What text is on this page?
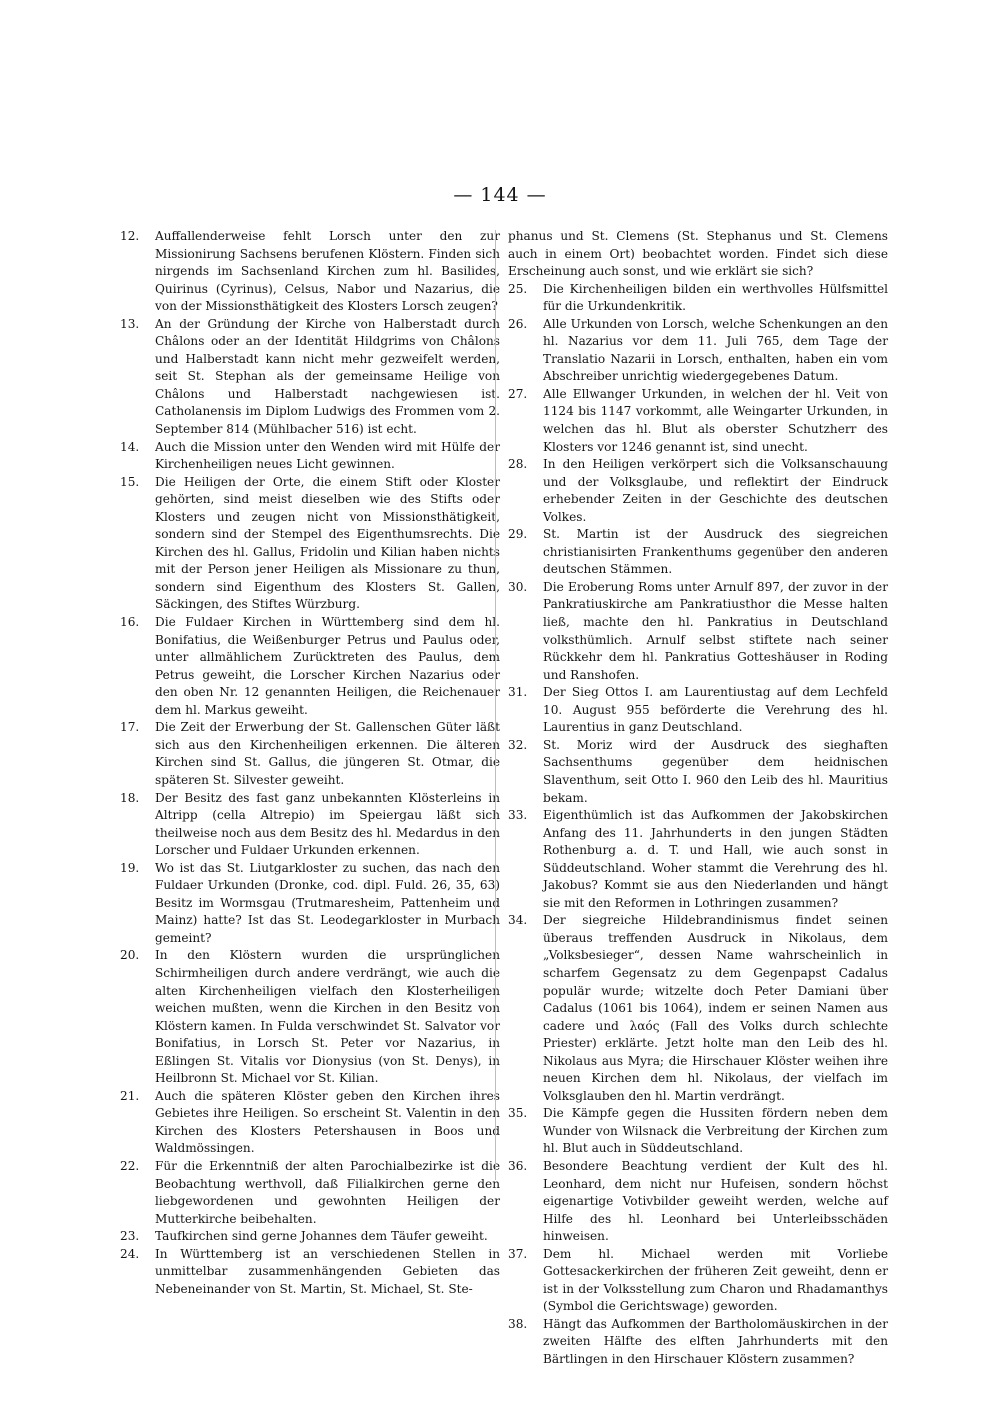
— 144 —
12. Auffallenderweise fehlt Lorsch unter den zur Missionirung Sachsens berufenen Klöstern. Finden sich nirgends im Sachsenland Kirchen zum hl. Basilides, Quirinus (Cyrinus), Celsus, Nabor und Nazarius, die von der Missionsthätigkeit des Klosters Lorsch zeugen?
13. An der Gründung der Kirche von Halberstadt durch Châlons oder an der Identität Hildgrims von Châlons und Halberstadt kann nicht mehr gezweifelt werden, seit St. Stephan als der gemeinsame Heilige von Châlons und Halberstadt nachgewiesen ist. Catholanensis im Diplom Ludwigs des Frommen vom 2. September 814 (Mühlbacher 516) ist echt.
14. Auch die Mission unter den Wenden wird mit Hülfe der Kirchenheiligen neues Licht gewinnen.
15. Die Heiligen der Orte, die einem Stift oder Kloster gehörten, sind meist dieselben wie des Stifts oder Klosters und zeugen nicht von Missionsthätigkeit, sondern sind der Stempel des Eigenthumsrechts. Die Kirchen des hl. Gallus, Fridolin und Kilian haben nichts mit der Person jener Heiligen als Missionare zu thun, sondern sind Eigenthum des Klosters St. Gallen, Säckingen, des Stiftes Würzburg.
16. Die Fuldaer Kirchen in Württemberg sind dem hl. Bonifatius, die Weißenburger Petrus und Paulus oder, unter allmählichem Zurücktreten des Paulus, dem Petrus geweiht, die Lorscher Kirchen Nazarius oder den oben Nr. 12 genannten Heiligen, die Reichenauer dem hl. Markus geweiht.
17. Die Zeit der Erwerbung der St. Gallenschen Güter läßt sich aus den Kirchenheiligen erkennen. Die älteren Kirchen sind St. Gallus, die jüngeren St. Otmar, die späteren St. Silvester geweiht.
18. Der Besitz des fast ganz unbekannten Klösterleins in Altripp (cella Altrepio) im Speiergau läßt sich theilweise noch aus dem Besitz des hl. Medardus in den Lorscher und Fuldaer Urkunden erkennen.
19. Wo ist das St. Liutgarkloster zu suchen, das nach den Fuldaer Urkunden (Dronke, cod. dipl. Fuld. 26, 35, 63) Besitz im Wormsgau (Trutmaresheim, Pattenheim und Mainz) hatte? Ist das St. Leodegarkloster in Murbach gemeint?
20. In den Klöstern wurden die ursprünglichen Schirmheiligen durch andere verdrängt, wie auch die alten Kirchenheiligen vielfach den Klosterheiligen weichen mußten, wenn die Kirchen in den Besitz von Klöstern kamen. In Fulda verschwindet St. Salvator vor Bonifatius, in Lorsch St. Peter vor Nazarius, in Eßlingen St. Vitalis vor Dionysius (von St. Denys), in Heilbronn St. Michael vor St. Kilian.
21. Auch die späteren Klöster geben den Kirchen ihres Gebietes ihre Heiligen. So erscheint St. Valentin in den Kirchen des Klosters Petershausen in Boos und Waldmössingen.
22. Für die Erkenntniß der alten Parochialbezirke ist die Beobachtung werthvoll, daß Filialkirchen gerne den liebgewordenen und gewohnten Heiligen der Mutterkirche beibehalten.
23. Taufkirchen sind gerne Johannes dem Täufer geweiht.
24. In Württemberg ist an verschiedenen Stellen in unmittelbar zusammenhängenden Gebieten das Nebeneinander von St. Martin, St. Michael, St. Ste-
phanus und St. Clemens (St. Stephanus und St. Clemens auch in einem Ort) beobachtet worden. Findet sich diese Erscheinung auch sonst, und wie erklärt sie sich?
25. Die Kirchenheiligen bilden ein werthvolles Hülfsmittel für die Urkundenkritik.
26. Alle Urkunden von Lorsch, welche Schenkungen an den hl. Nazarius vor dem 11. Juli 765, dem Tage der Translatio Nazarii in Lorsch, enthalten, haben ein vom Abschreiber unrichtig wiedergegebenes Datum.
27. Alle Ellwanger Urkunden, in welchen der hl. Veit von 1124 bis 1147 vorkommt, alle Weingarter Urkunden, in welchen das hl. Blut als oberster Schutzherr des Klosters vor 1246 genannt ist, sind unecht.
28. In den Heiligen verkörpert sich die Volksanschauung und der Volksglaube, und reflektirt der Eindruck erhebender Zeiten in der Geschichte des deutschen Volkes.
29. St. Martin ist der Ausdruck des siegreichen christianisirten Frankenthums gegenüber den anderen deutschen Stämmen.
30. Die Eroberung Roms unter Arnulf 897, der zuvor in der Pankratiuskirche am Pankratiusthor die Messe halten ließ, machte den hl. Pankratius in Deutschland volksthümlich. Arnulf selbst stiftete nach seiner Rückkehr dem hl. Pankratius Gotteshäuser in Roding und Ranshofen.
31. Der Sieg Ottos I. am Laurentiustag auf dem Lechfeld 10. August 955 beförderte die Verehrung des hl. Laurentius in ganz Deutschland.
32. St. Moriz wird der Ausdruck des sieghaften Sachsenthums gegenüber dem heidnischen Slaventhum, seit Otto I. 960 den Leib des hl. Mauritius bekam.
33. Eigenthümlich ist das Aufkommen der Jakobskirchen Anfang des 11. Jahrhunderts in den jungen Städten Rothenburg a. d. T. und Hall, wie auch sonst in Süddeutschland. Woher stammt die Verehrung des hl. Jakobus? Kommt sie aus den Niederlanden und hängt sie mit den Reformen in Lothringen zusammen?
34. Der siegreiche Hildebrandinismus findet seinen überaus treffenden Ausdruck in Nikolaus, dem „Volksbesieger“, dessen Name wahrscheinlich in scharfem Gegensatz zu dem Gegenpapst Cadalus populär wurde; witzelte doch Peter Damiani über Cadalus (1061 bis 1064), indem er seinen Namen aus cadere und λαός (Fall des Volks durch schlechte Priester) erklärte. Jetzt holte man den Leib des hl. Nikolaus aus Myra; die Hirschauer Klöster weihen ihre neuen Kirchen dem hl. Nikolaus, der vielfach im Volksglauben den hl. Martin verdrängt.
35. Die Kämpfe gegen die Hussiten fördern neben dem Wunder von Wilsnack die Verbreitung der Kirchen zum hl. Blut auch in Süddeutschland.
36. Besondere Beachtung verdient der Kult des hl. Leonhard, dem nicht nur Hufeisen, sondern höchst eigenartige Votivbilder geweiht werden, welche auf Hilfe des hl. Leonhard bei Unterleibsschäden hinweisen.
37. Dem hl. Michael werden mit Vorliebe Gottesackerkirchen der früheren Zeit geweiht, denn er ist in der Volksstellung zum Charon und Rhadamanthys (Symbol die Gerichtswage) geworden.
38. Hängt das Aufkommen der Bartholomäuskirchen in der zweiten Hälfte des elften Jahrhunderts mit den Bärtlingen in den Hirschauer Klöstern zusammen?
